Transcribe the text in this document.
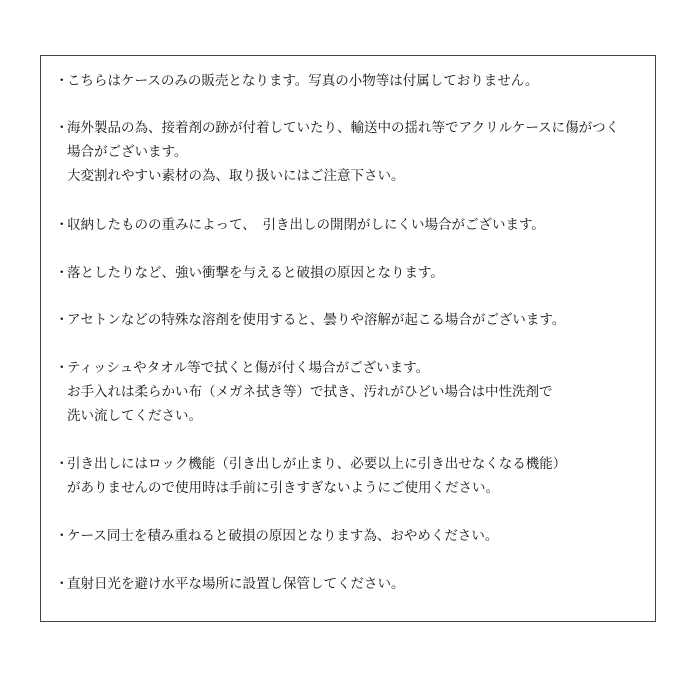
・ こちらはケースのみの販売となります。写真の小物等は付属しておりません。
・ 海外製品の為、接着剤の跡が付着していたり、輸送中の揺れ等でアクリルケースに傷がつく
場合がございます。
大変割れやすい素材の為、取り扱いにはご注意下さい。
・ 収納したものの重みによって、　引き出しの開閉がしにくい場合がございます。
・ 落としたりなど、強い衝撃を与えると破損の原因となります。
・ アセトンなどの特殊な溶剤を使用すると、曇りや溶解が起こる場合がございます。
・ ティッシュやタオル等で拭くと傷が付く場合がございます。
お手入れは柔らかい布（メガネ拭き等）で拭き、汚れがひどい場合は中性洗剤で
洗い流してください。
・ 引き出しにはロック機能（引き出しが止まり、必要以上に引き出せなくなる機能）
がありませんので使用時は手前に引きすぎないようにご使用ください。
・ ケース同士を積み重ねると破損の原因となります為、おやめください。
・ 直射日光を避け水平な場所に設置し保管してください。
